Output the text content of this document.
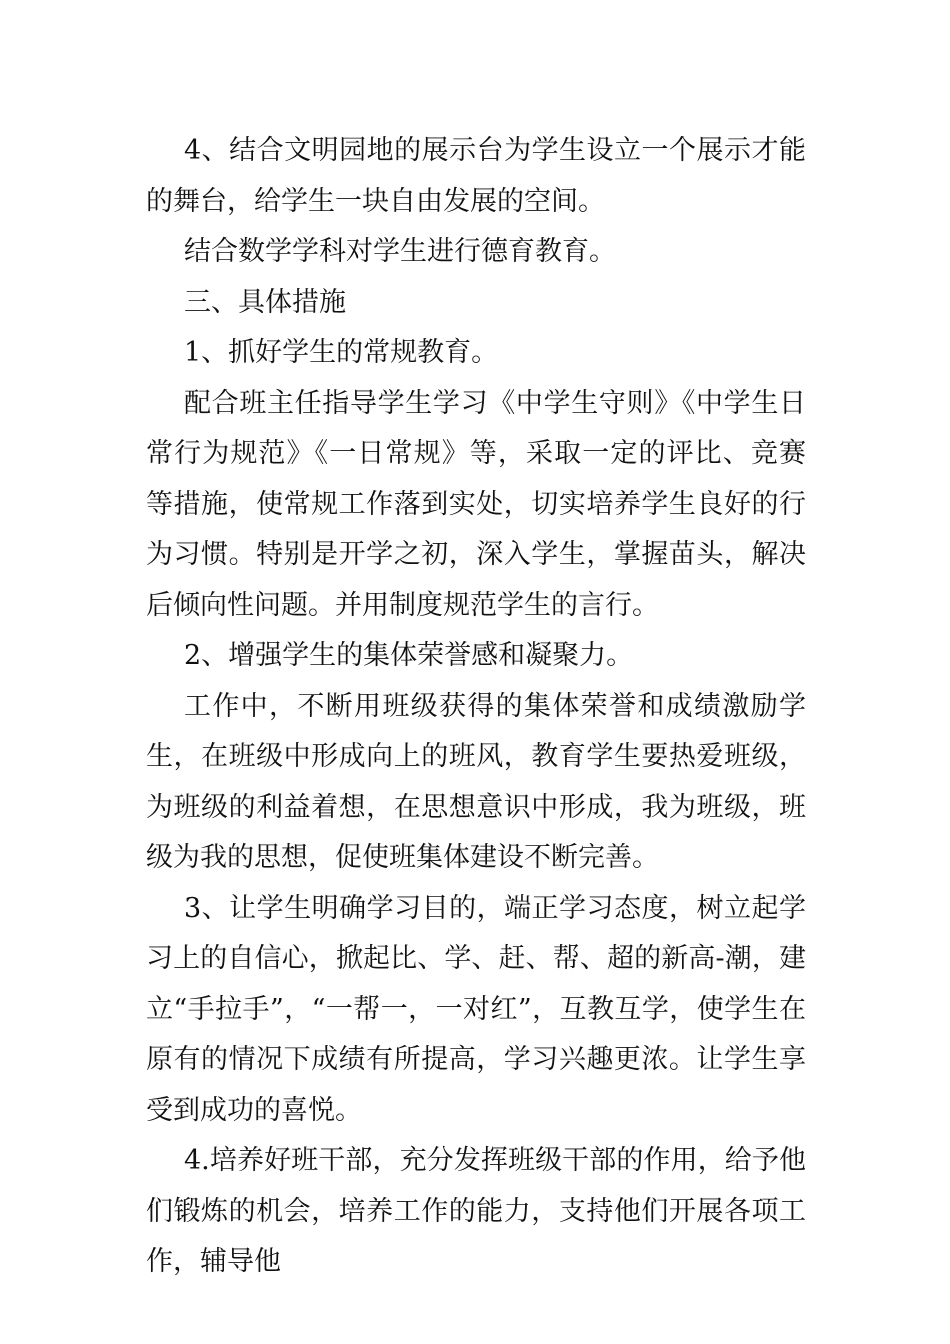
4、结合文明园地的展示台为学生设立一个展示才能的舞台，给学生一块自由发展的空间。

结合数学学科对学生进行德育教育。

三、具体措施

1、抓好学生的常规教育。

配合班主任指导学生学习《中学生守则》《中学生日常行为规范》《一日常规》等，采取一定的评比、竞赛等措施，使常规工作落到实处，切实培养学生良好的行为习惯。特别是开学之初，深入学生，掌握苗头，解决后倾向性问题。并用制度规范学生的言行。

2、增强学生的集体荣誉感和凝聚力。

工作中，不断用班级获得的集体荣誉和成绩激励学生，在班级中形成向上的班风，教育学生要热爱班级，为班级的利益着想，在思想意识中形成，我为班级，班级为我的思想，促使班集体建设不断完善。

3、让学生明确学习目的，端正学习态度，树立起学习上的自信心，掀起比、学、赶、帮、超的新高-潮，建立“手拉手”，“一帮一，一对红”，互教互学，使学生在原有的情况下成绩有所提高，学习兴趣更浓。让学生享受到成功的喜悦。

4.培养好班干部，充分发挥班级干部的作用，给予他们锻炼的机会，培养工作的能力，支持他们开展各项工作，辅导他
